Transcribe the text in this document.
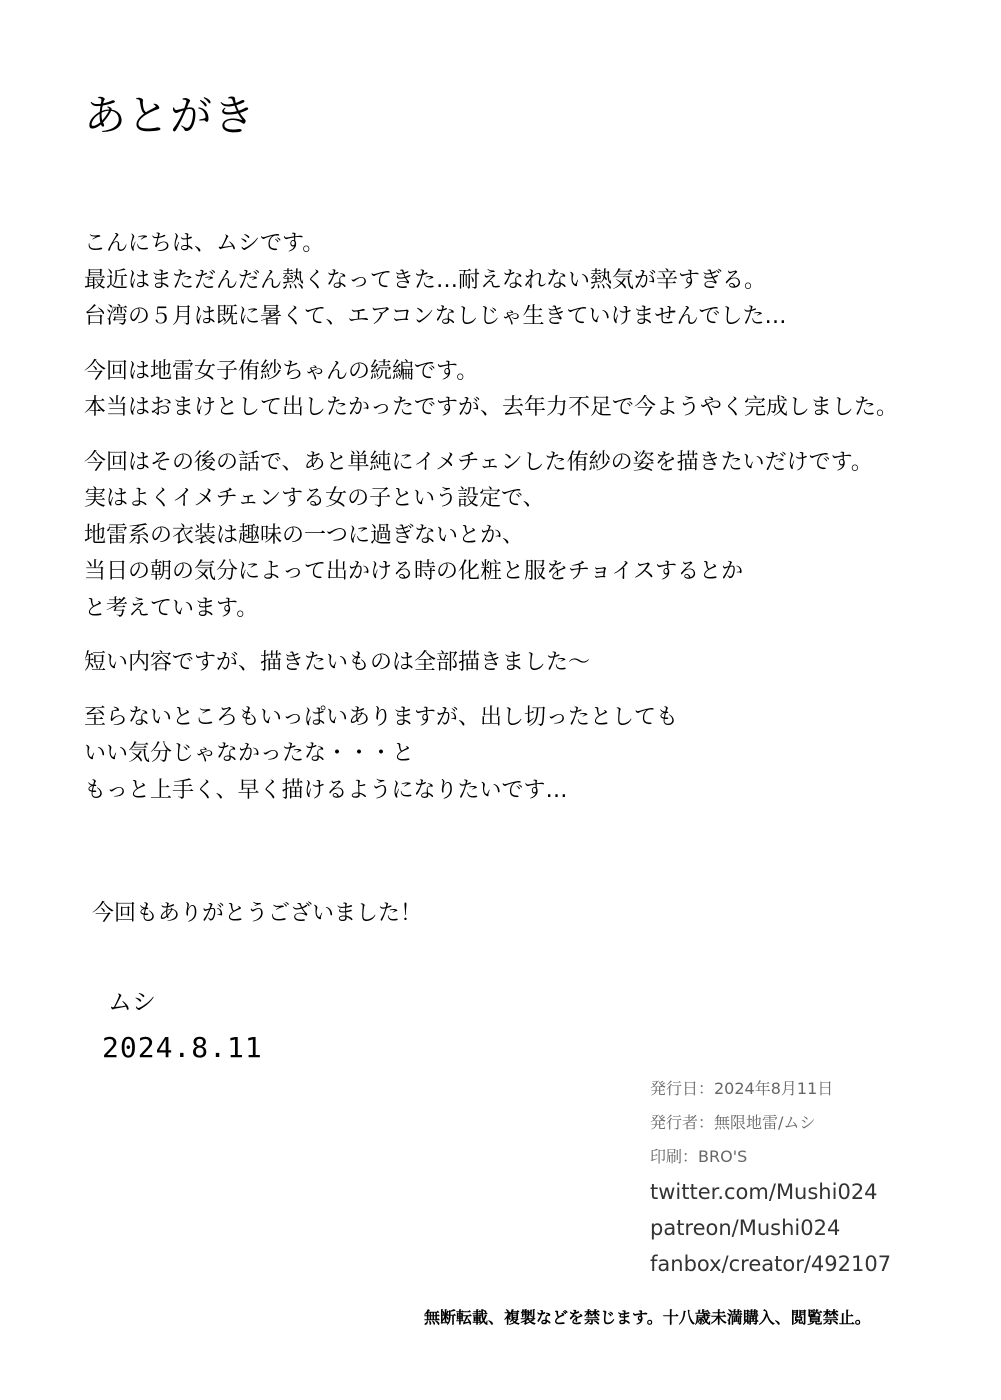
あとがき
こんにちは、ムシです。
最近はまただんだん熱くなってきた…耐えなれない熱気が辛すぎる。
台湾の５月は既に暑くて、エアコンなしじゃ生きていけませんでした…
今回は地雷女子侑紗ちゃんの続編です。
本当はおまけとして出したかったですが、去年力不足で今ようやく完成しました。
今回はその後の話で、あと単純にイメチェンした侑紗の姿を描きたいだけです。
実はよくイメチェンする女の子という設定で、
地雷系の衣装は趣味の一つに過ぎないとか、
当日の朝の気分によって出かける時の化粧と服をチョイスするとか
と考えています。
短い内容ですが、描きたいものは全部描きました～
至らないところもいっぱいありますが、出し切ったとしても
いい気分じゃなかったな・・・と
もっと上手く、早く描けるようになりたいです…
今回もありがとうございました！
ムシ
2024.8.11
発行日：2024年8月11日
発行者：無限地雷/ムシ
印刷：BRO'S
twitter.com/Mushi024
patreon/Mushi024
fanbox/creator/492107
無断転載、複製などを禁じます。十八歳未満購入、閲覧禁止。
